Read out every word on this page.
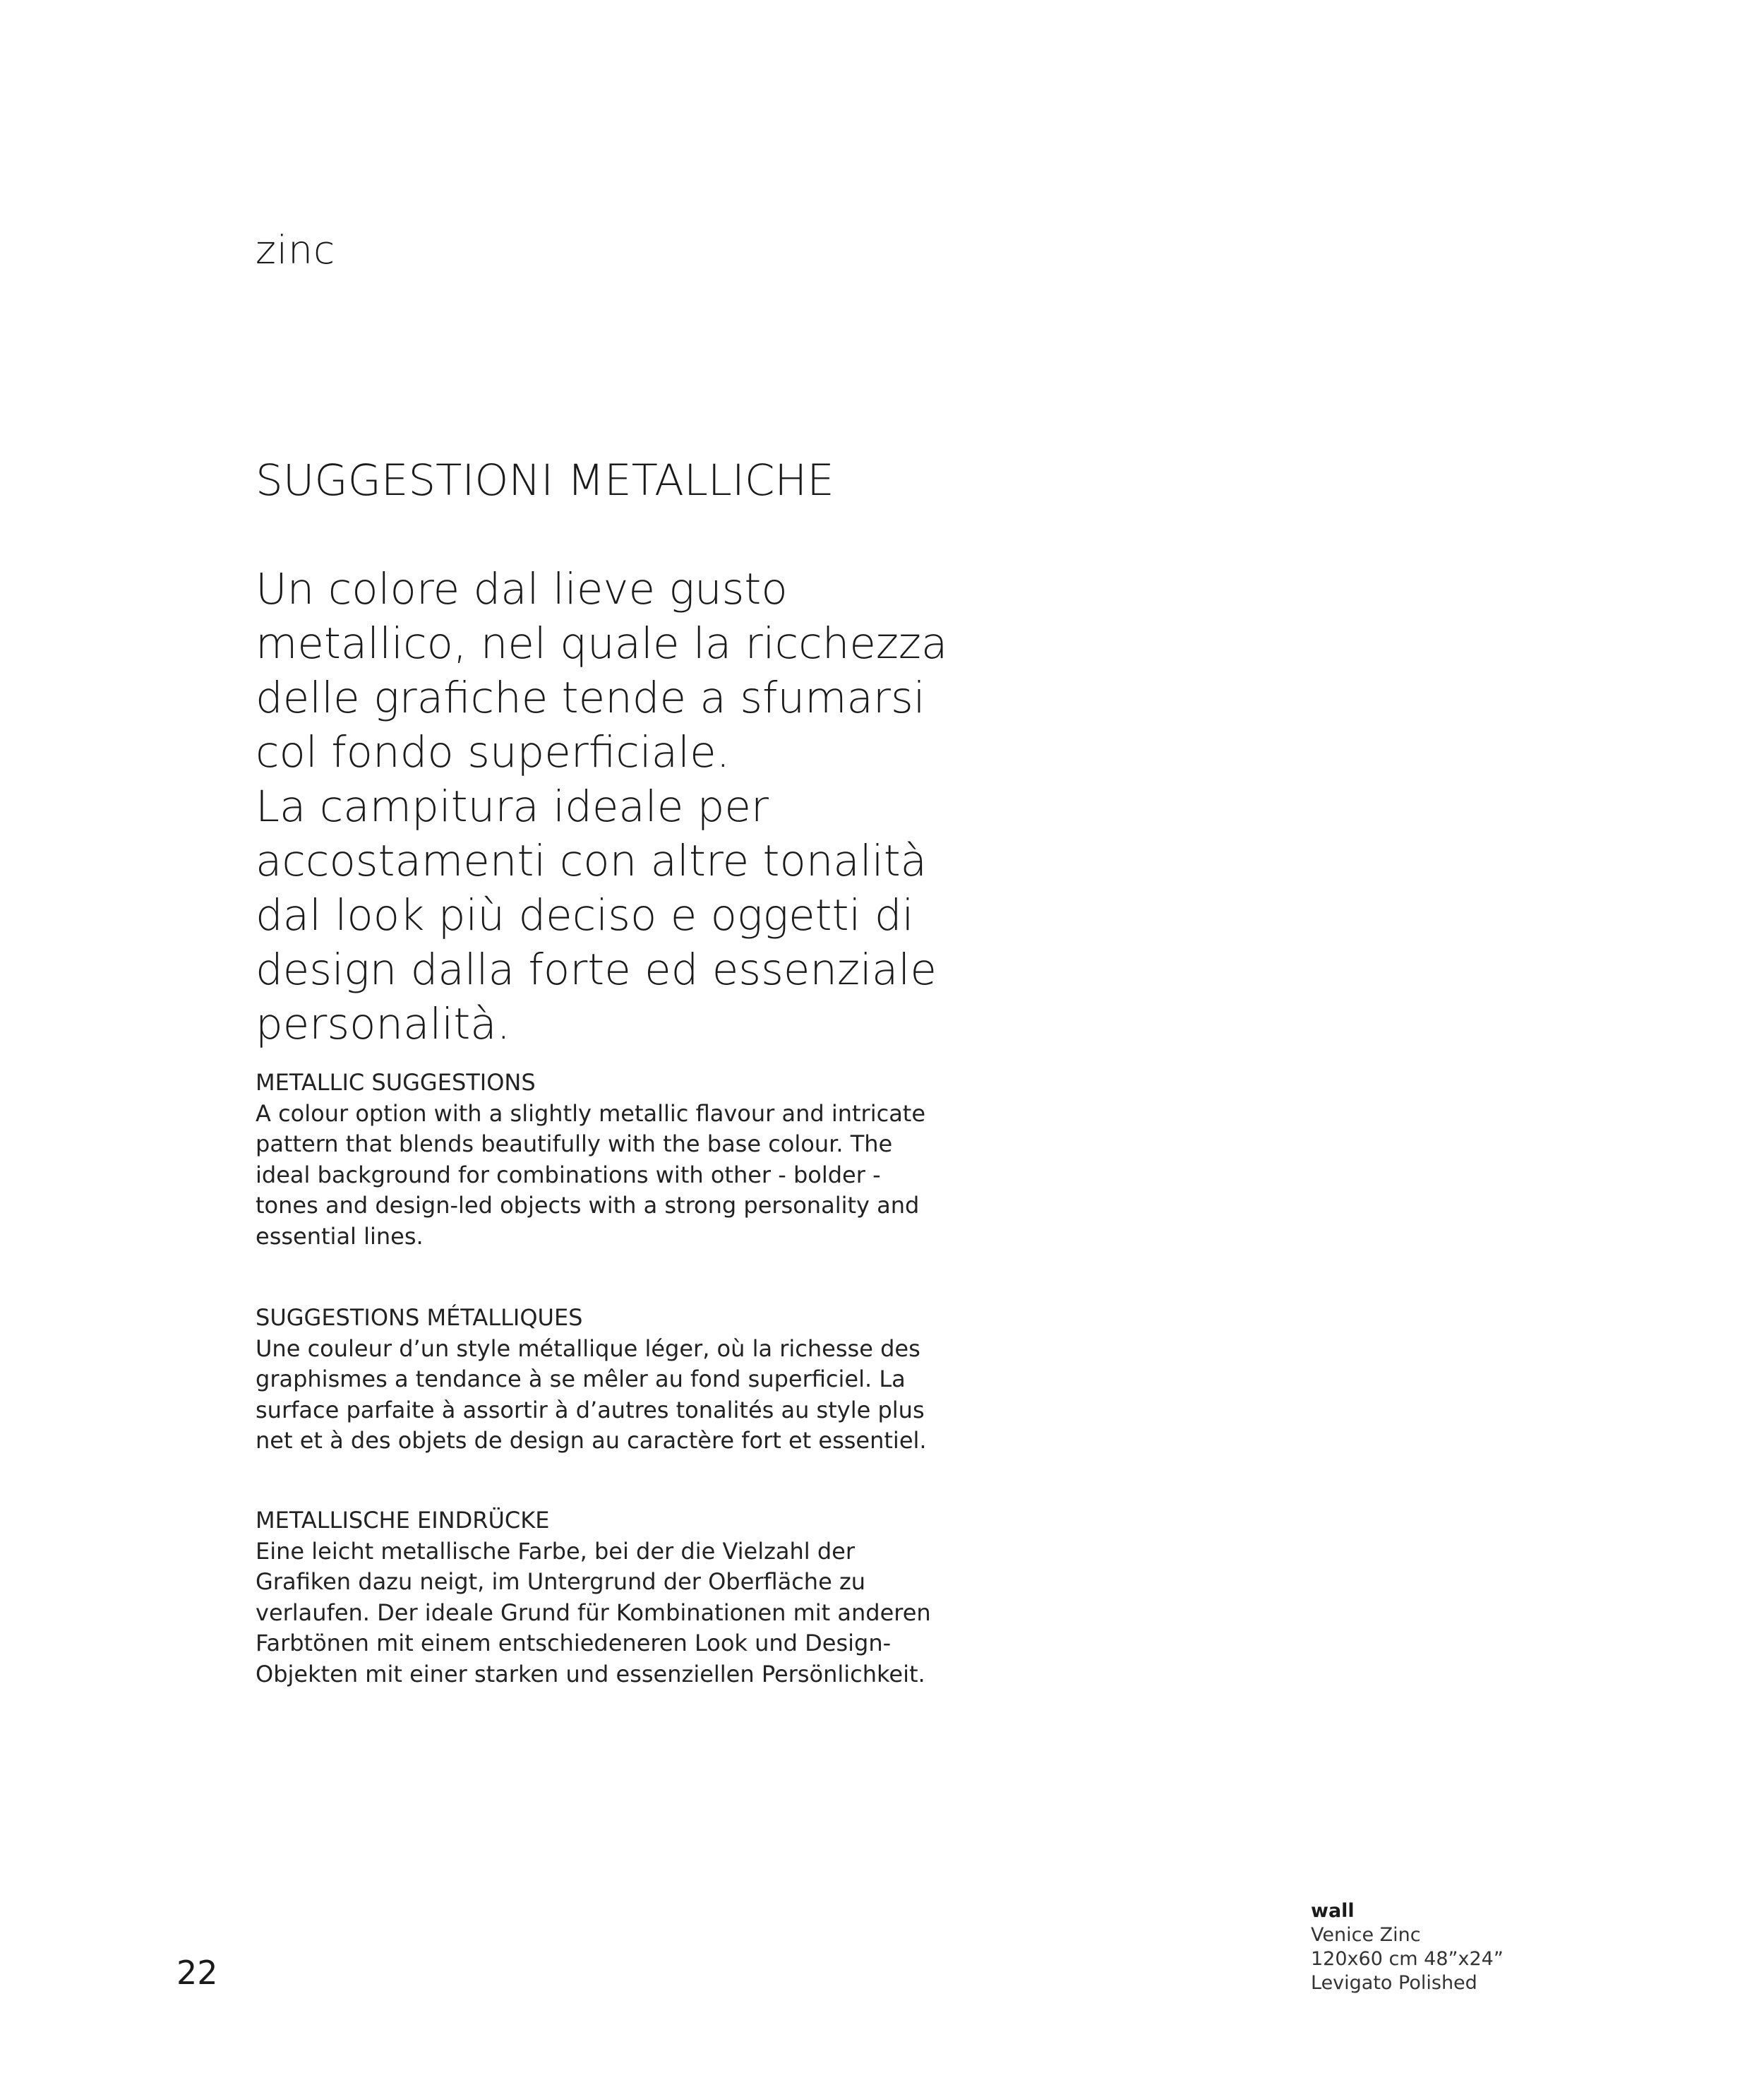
zinc

SUGGESTIONI METALLICHE

Un colore dal lieve gusto
metallico, nel quale la ricchezza
delle grafiche tende a sfumarsi
col fondo superficiale.
La campitura ideale per
accostamenti con altre tonalità
dal look più deciso e oggetti di
design dalla forte ed essenziale
personalità.

METALLIC SUGGESTIONS
A colour option with a slightly metallic flavour and intricate
pattern that blends beautifully with the base colour. The
ideal background for combinations with other - bolder -
tones and design-led objects with a strong personality and
essential lines.
SUGGESTIONS MÉTALLIQUES
Une couleur d’un style métallique léger, où la richesse des
graphismes a tendance à se mêler au fond superficiel. La
surface parfaite à assortir à d’autres tonalités au style plus
net et à des objets de design au caractère fort et essentiel.
METALLISCHE EINDRÜCKE
Eine leicht metallische Farbe, bei der die Vielzahl der
Grafiken dazu neigt, im Untergrund der Oberfläche zu
verlaufen. Der ideale Grund für Kombinationen mit anderen
Farbtönen mit einem entschiedeneren Look und Design-
Objekten mit einer starken und essenziellen Persönlichkeit.
22
wall
Venice Zinc
120x60 cm 48”x24”
Levigato Polished
